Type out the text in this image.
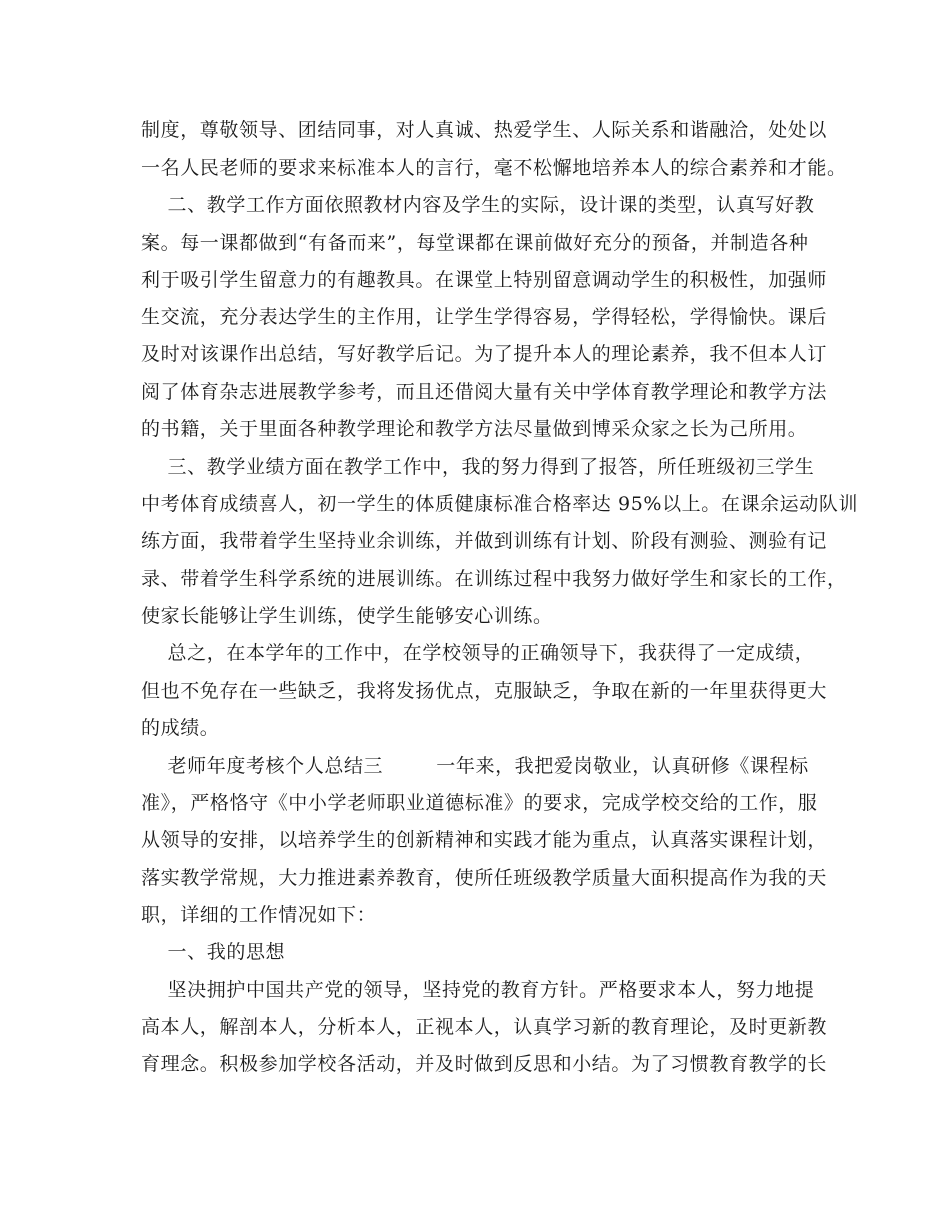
制度，尊敬领导、团结同事，对人真诚、热爱学生、人际关系和谐融洽，处处以
一名人民老师的要求来标准本人的言行，毫不松懈地培养本人的综合素养和才能。
二、教学工作方面依照教材内容及学生的实际，设计课的类型，认真写好教
案。每一课都做到“有备而来”，每堂课都在课前做好充分的预备，并制造各种
利于吸引学生留意力的有趣教具。在课堂上特别留意调动学生的积极性，加强师
生交流，充分表达学生的主作用，让学生学得容易，学得轻松，学得愉快。课后
及时对该课作出总结，写好教学后记。为了提升本人的理论素养，我不但本人订
阅了体育杂志进展教学参考，而且还借阅大量有关中学体育教学理论和教学方法
的书籍，关于里面各种教学理论和教学方法尽量做到博采众家之长为己所用。
三、教学业绩方面在教学工作中，我的努力得到了报答，所任班级初三学生
中考体育成绩喜人，初一学生的体质健康标准合格率达 95%以上。在课余运动队训
练方面，我带着学生坚持业余训练，并做到训练有计划、阶段有测验、测验有记
录、带着学生科学系统的进展训练。在训练过程中我努力做好学生和家长的工作，
使家长能够让学生训练，使学生能够安心训练。
总之，在本学年的工作中，在学校领导的正确领导下，我获得了一定成绩，
但也不免存在一些缺乏，我将发扬优点，克服缺乏，争取在新的一年里获得更大
的成绩。
老师年度考核个人总结三        一年来，我把爱岗敬业，认真研修《课程标
准》，严格恪守《中小学老师职业道德标准》的要求，完成学校交给的工作，服
从领导的安排，以培养学生的创新精神和实践才能为重点，认真落实课程计划，
落实教学常规，大力推进素养教育，使所任班级教学质量大面积提高作为我的天
职，详细的工作情况如下：
一、我的思想
坚决拥护中国共产党的领导，坚持党的教育方针。严格要求本人，努力地提
高本人，解剖本人，分析本人，正视本人，认真学习新的教育理论，及时更新教
育理念。积极参加学校各活动，并及时做到反思和小结。为了习惯教育教学的长
